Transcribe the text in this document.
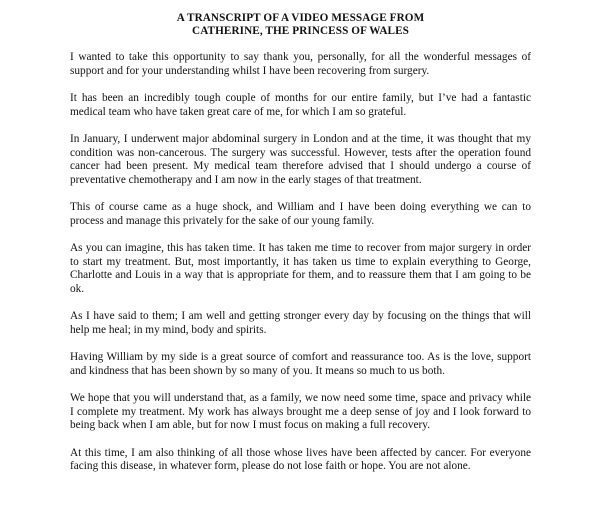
A TRANSCRIPT OF A VIDEO MESSAGE FROM
CATHERINE, THE PRINCESS OF WALES

I wanted to take this opportunity to say thank you, personally, for all the wonderful messages of support and for your understanding whilst I have been recovering from surgery.

It has been an incredibly tough couple of months for our entire family, but I’ve had a fantastic medical team who have taken great care of me, for which I am so grateful.

In January, I underwent major abdominal surgery in London and at the time, it was thought that my condition was non-cancerous. The surgery was successful. However, tests after the operation found cancer had been present. My medical team therefore advised that I should undergo a course of preventative chemotherapy and I am now in the early stages of that treatment.

This of course came as a huge shock, and William and I have been doing everything we can to process and manage this privately for the sake of our young family.

As you can imagine, this has taken time. It has taken me time to recover from major surgery in order to start my treatment. But, most importantly, it has taken us time to explain everything to George, Charlotte and Louis in a way that is appropriate for them, and to reassure them that I am going to be ok.

As I have said to them; I am well and getting stronger every day by focusing on the things that will help me heal; in my mind, body and spirits.

Having William by my side is a great source of comfort and reassurance too. As is the love, support and kindness that has been shown by so many of you. It means so much to us both.

We hope that you will understand that, as a family, we now need some time, space and privacy while I complete my treatment. My work has always brought me a deep sense of joy and I look forward to being back when I am able, but for now I must focus on making a full recovery.

At this time, I am also thinking of all those whose lives have been affected by cancer. For everyone facing this disease, in whatever form, please do not lose faith or hope. You are not alone.
